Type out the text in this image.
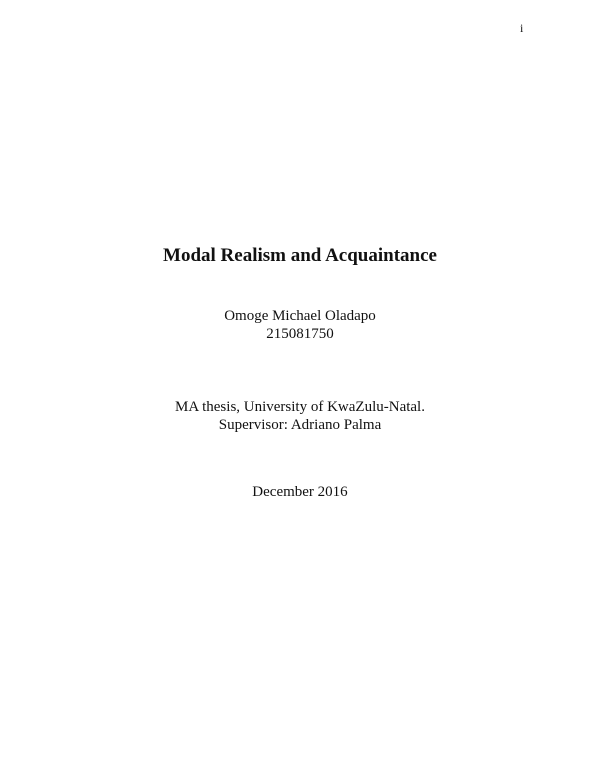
i
Modal Realism and Acquaintance
Omoge Michael Oladapo
215081750
MA thesis, University of KwaZulu-Natal.
Supervisor: Adriano Palma
December 2016
